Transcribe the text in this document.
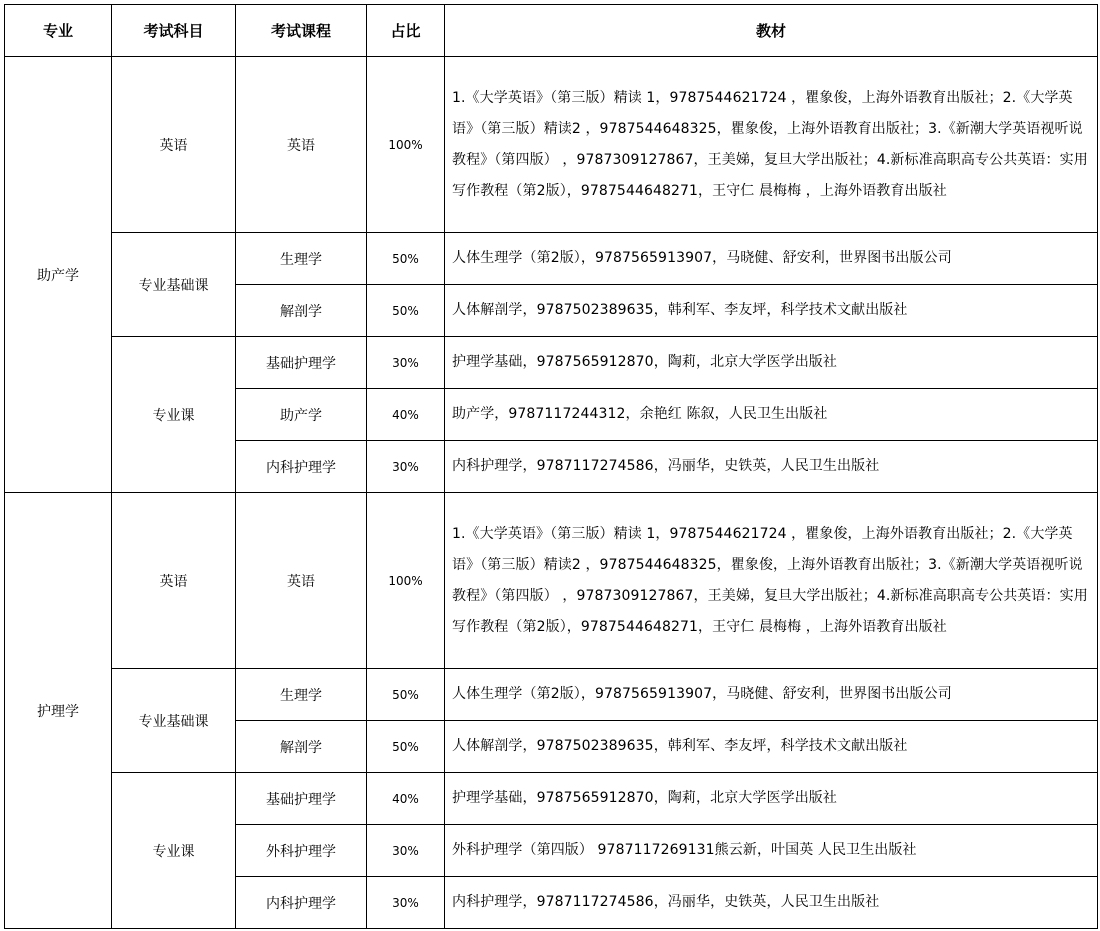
专业	考试科目	考试课程	占比	教材
助产学	英语	英语	100%	1.《大学英语》（第三版）精读 1，9787544621724 ，瞿象俊，上海外语教育出版社；2.《大学英语》（第三版）精读2 ，9787544648325，瞿象俊，上海外语教育出版社；3.《新潮大学英语视听说教程》（第四版） ，9787309127867，王美娣，复旦大学出版社；4.新标准高职高专公共英语：实用写作教程（第2版），9787544648271，王守仁 晨梅梅 ，上海外语教育出版社
	专业基础课	生理学	50%	人体生理学（第2版），9787565913907，马晓健、舒安利，世界图书出版公司
		解剖学	50%	人体解剖学，9787502389635，韩利军、李友坪，科学技术文献出版社
	专业课	基础护理学	30%	护理学基础，9787565912870，陶莉，北京大学医学出版社
		助产学	40%	助产学，9787117244312，余艳红 陈叙，人民卫生出版社
		内科护理学	30%	内科护理学，9787117274586，冯丽华，史铁英，人民卫生出版社
护理学	英语	英语	100%	1.《大学英语》（第三版）精读 1，9787544621724 ，瞿象俊，上海外语教育出版社；2.《大学英语》（第三版）精读2 ，9787544648325，瞿象俊，上海外语教育出版社；3.《新潮大学英语视听说教程》（第四版） ，9787309127867，王美娣，复旦大学出版社；4.新标准高职高专公共英语：实用写作教程（第2版），9787544648271，王守仁 晨梅梅 ，上海外语教育出版社
	专业基础课	生理学	50%	人体生理学（第2版），9787565913907，马晓健、舒安利，世界图书出版公司
		解剖学	50%	人体解剖学，9787502389635，韩利军、李友坪，科学技术文献出版社
	专业课	基础护理学	40%	护理学基础，9787565912870，陶莉，北京大学医学出版社
		外科护理学	30%	外科护理学（第四版） 9787117269131熊云新，叶国英 人民卫生出版社
		内科护理学	30%	内科护理学，9787117274586，冯丽华，史铁英，人民卫生出版社
